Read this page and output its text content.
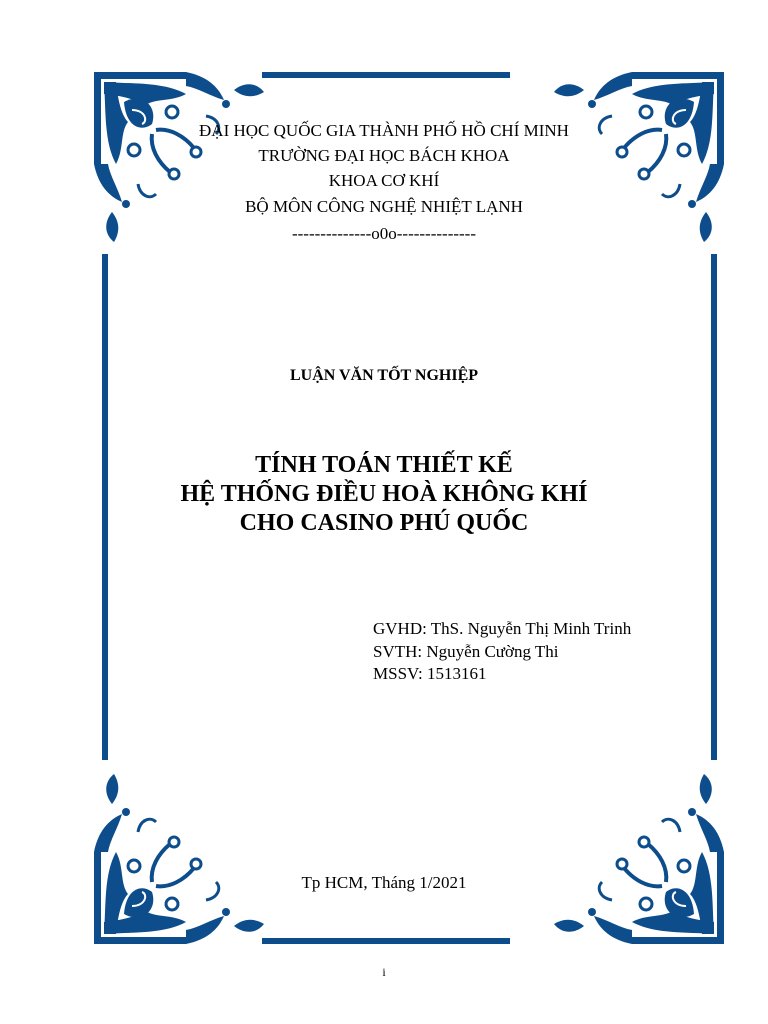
ĐẠI HỌC QUỐC GIA THÀNH PHỐ HỒ CHÍ MINH
TRƯỜNG ĐẠI HỌC BÁCH KHOA
KHOA CƠ KHÍ
BỘ MÔN CÔNG NGHỆ NHIỆT LẠNH
--------------o0o--------------
LUẬN VĂN TỐT NGHIỆP
TÍNH TOÁN THIẾT KẾ
HỆ THỐNG ĐIỀU HOÀ KHÔNG KHÍ
CHO CASINO PHÚ QUỐC
GVHD: ThS. Nguyễn Thị Minh Trinh
SVTH: Nguyễn Cường Thi
MSSV: 1513161
Tp HCM, Tháng 1/2021
i
